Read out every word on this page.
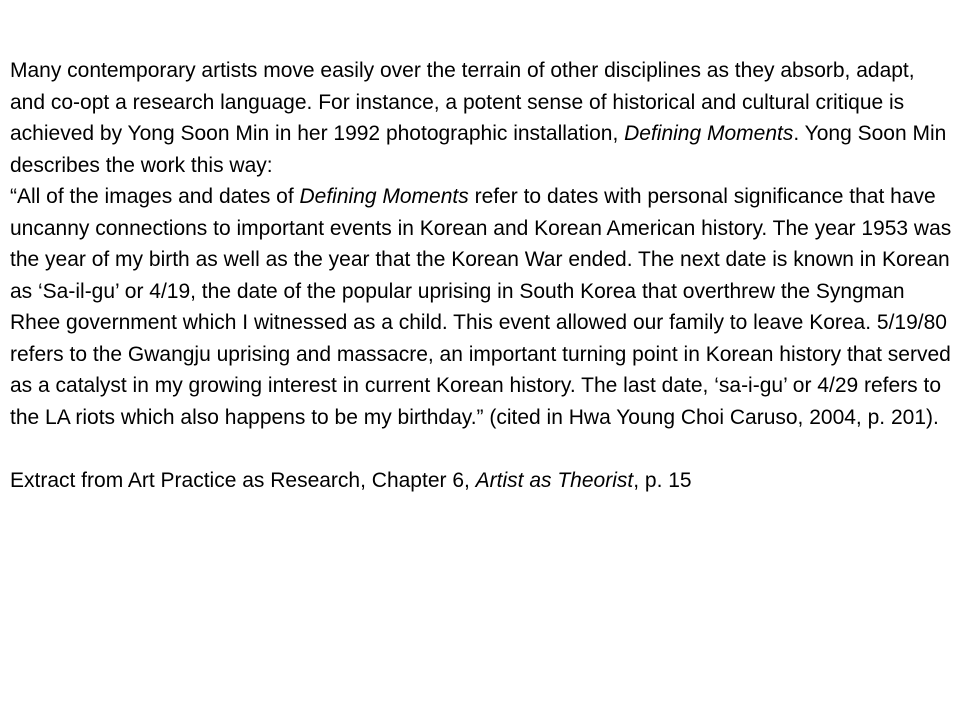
Many contemporary artists move easily over the terrain of other disciplines as they absorb, adapt, and co-opt a research language. For instance, a potent sense of historical and cultural critique is achieved by Yong Soon Min in her 1992 photographic installation, Defining Moments. Yong Soon Min describes the work this way:

“All of the images and dates of Defining Moments refer to dates with personal significance that have uncanny connections to important events in Korean and Korean American history. The year 1953 was the year of my birth as well as the year that the Korean War ended. The next date is known in Korean as ‘Sa-il-gu’ or 4/19, the date of the popular uprising in South Korea that overthrew the Syngman Rhee government which I witnessed as a child. This event allowed our family to leave Korea. 5/19/80 refers to the Gwangju uprising and massacre, an important turning point in Korean history that served as a catalyst in my growing interest in current Korean history. The last date, ‘sa-i-gu’ or 4/29 refers to the LA riots which also happens to be my birthday.” (cited in Hwa Young Choi Caruso, 2004, p. 201).

Extract from Art Practice as Research, Chapter 6, Artist as Theorist, p. 15
